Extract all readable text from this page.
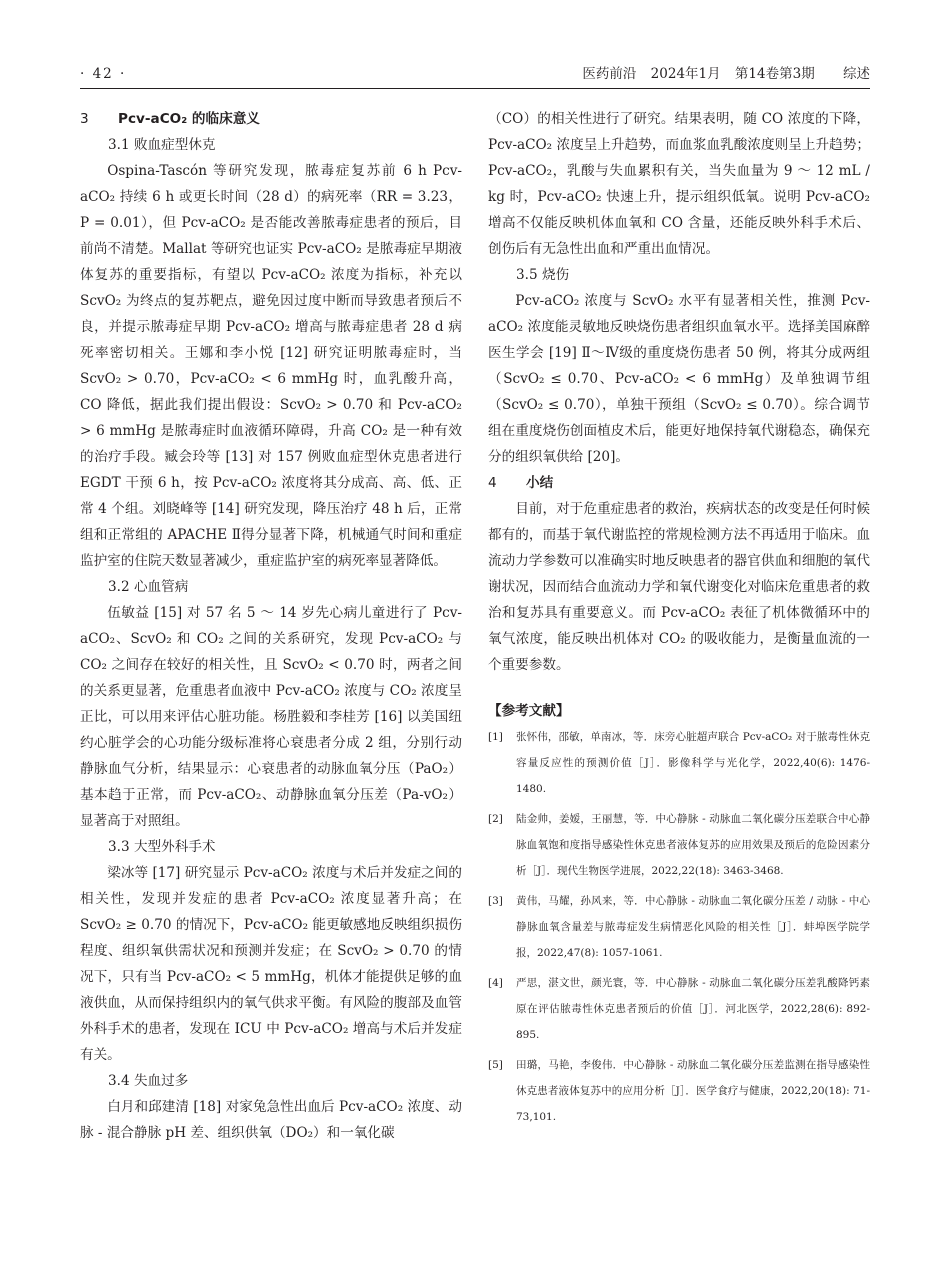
· 42 ·	医药前沿 2024年1月 第14卷第3期 综述
3 Pcv-aCO₂ 的临床意义
3.1 败血症型休克

Ospina-Tascón 等研究发现，脓毒症复苏前 6 h Pcv-aCO₂ 持续 6 h 或更长时间（28 d）的病死率（RR = 3.23，P = 0.01），但 Pcv-aCO₂ 是否能改善脓毒症患者的预后，目前尚不清楚。Mallat 等研究也证实 Pcv-aCO₂ 是脓毒症早期液体复苏的重要指标，有望以 Pcv-aCO₂ 浓度为指标，补充以 ScvO₂ 为终点的复苏靶点，避免因过度中断而导致患者预后不良，并提示脓毒症早期 Pcv-aCO₂ 增高与脓毒症患者 28 d 病死率密切相关。王娜和李小悦 [12] 研究证明脓毒症时，当 ScvO₂ > 0.70，Pcv-aCO₂ < 6 mmHg 时，血乳酸升高，CO 降低，据此我们提出假设：ScvO₂ > 0.70 和 Pcv-aCO₂ > 6 mmHg 是脓毒症时血液循环障碍，升高 CO₂ 是一种有效的治疗手段。臧会玲等 [13] 对 157 例败血症型休克患者进行 EGDT 干预 6 h，按 Pcv-aCO₂ 浓度将其分成高、高、低、正常 4 个组。刘晓峰等 [14] 研究发现，降压治疗 48 h 后，正常组和正常组的 APACHE Ⅱ得分显著下降，机械通气时间和重症监护室的住院天数显著减少，重症监护室的病死率显著降低。

3.2 心血管病

伍敏益 [15] 对 57 名 5 ～ 14 岁先心病儿童进行了 Pcv-aCO₂、ScvO₂ 和 CO₂ 之间的关系研究，发现 Pcv-aCO₂ 与 CO₂ 之间存在较好的相关性，且 ScvO₂ < 0.70 时，两者之间的关系更显著，危重患者血液中 Pcv-aCO₂ 浓度与 CO₂ 浓度呈正比，可以用来评估心脏功能。杨胜毅和李桂芳 [16] 以美国纽约心脏学会的心功能分级标准将心衰患者分成 2 组，分别行动静脉血气分析，结果显示：心衰患者的动脉血氧分压（PaO₂）基本趋于正常，而 Pcv-aCO₂、动静脉血氧分压差（Pa-vO₂）显著高于对照组。

3.3 大型外科手术

梁冰等 [17] 研究显示 Pcv-aCO₂ 浓度与术后并发症之间的相关性，发现并发症的患者 Pcv-aCO₂ 浓度显著升高；在 ScvO₂ ≥ 0.70 的情况下，Pcv-aCO₂ 能更敏感地反映组织损伤程度、组织氧供需状况和预测并发症；在 ScvO₂ > 0.70 的情况下，只有当 Pcv-aCO₂ < 5 mmHg，机体才能提供足够的血液供血，从而保持组织内的氧气供求平衡。有风险的腹部及血管外科手术的患者，发现在 ICU 中 Pcv-aCO₂ 增高与术后并发症有关。

3.4 失血过多

白月和邱建清 [18] 对家兔急性出血后 Pcv-aCO₂ 浓度、动脉 - 混合静脉 pH 差、组织供氧（DO₂）和一氧化碳

（CO）的相关性进行了研究。结果表明，随 CO 浓度的下降，Pcv-aCO₂ 浓度呈上升趋势，而血浆血乳酸浓度则呈上升趋势；Pcv-aCO₂，乳酸与失血累积有关，当失血量为 9 ～ 12 mL / kg 时，Pcv-aCO₂ 快速上升，提示组织低氧。说明 Pcv-aCO₂ 增高不仅能反映机体血氧和 CO 含量，还能反映外科手术后、创伤后有无急性出血和严重出血情况。

3.5 烧伤

Pcv-aCO₂ 浓度与 ScvO₂ 水平有显著相关性，推测 Pcv-aCO₂ 浓度能灵敏地反映烧伤患者组织血氧水平。选择美国麻醉医生学会 [19] Ⅱ～Ⅳ级的重度烧伤患者 50 例，将其分成两组（ScvO₂ ≤ 0.70、Pcv-aCO₂ < 6 mmHg）及单独调节组（ScvO₂ ≤ 0.70），单独干预组（ScvO₂ ≤ 0.70）。综合调节组在重度烧伤创面植皮术后，能更好地保持氧代谢稳态，确保充分的组织氧供给 [20]。

4 小结

目前，对于危重症患者的救治，疾病状态的改变是任何时候都有的，而基于氧代谢监控的常规检测方法不再适用于临床。血流动力学参数可以准确实时地反映患者的器官供血和细胞的氧代谢状况，因而结合血流动力学和氧代谢变化对临床危重患者的救治和复苏具有重要意义。而 Pcv-aCO₂ 表征了机体微循环中的氧气浓度，能反映出机体对 CO₂ 的吸收能力，是衡量血流的一个重要参数。

【参考文献】
[1]	张怀伟，邵敏，单南冰，等．床旁心脏超声联合 Pcv-aCO₂ 对于脓毒性休克容量反应性的预测价值［J］．影像科学与光化学，2022,40(6): 1476-1480.
[2]	陆金帅，姜嫒，王丽慧，等．中心静脉 - 动脉血二氧化碳分压差联合中心静脉血氧饱和度指导感染性休克患者液体复苏的应用效果及预后的危险因素分析［J］．现代生物医学进展，2022,22(18): 3463-3468.
[3]	黄伟，马耀，孙风来，等．中心静脉 - 动脉血二氧化碳分压差 / 动脉 - 中心静脉血氧含量差与脓毒症发生病情恶化风险的相关性［J］．蚌埠医学院学报，2022,47(8): 1057-1061.
[4]	严思，湛文世，颜光寰，等．中心静脉 - 动脉血二氧化碳分压差乳酸降钙素原在评估脓毒性休克患者预后的价值［J］．河北医学，2022,28(6): 892-895.
[5]	田璐，马艳，李俊伟．中心静脉 - 动脉血二氧化碳分压差监测在指导感染性休克患者液体复苏中的应用分析［J］．医学食疗与健康，2022,20(18): 71-73,101.
